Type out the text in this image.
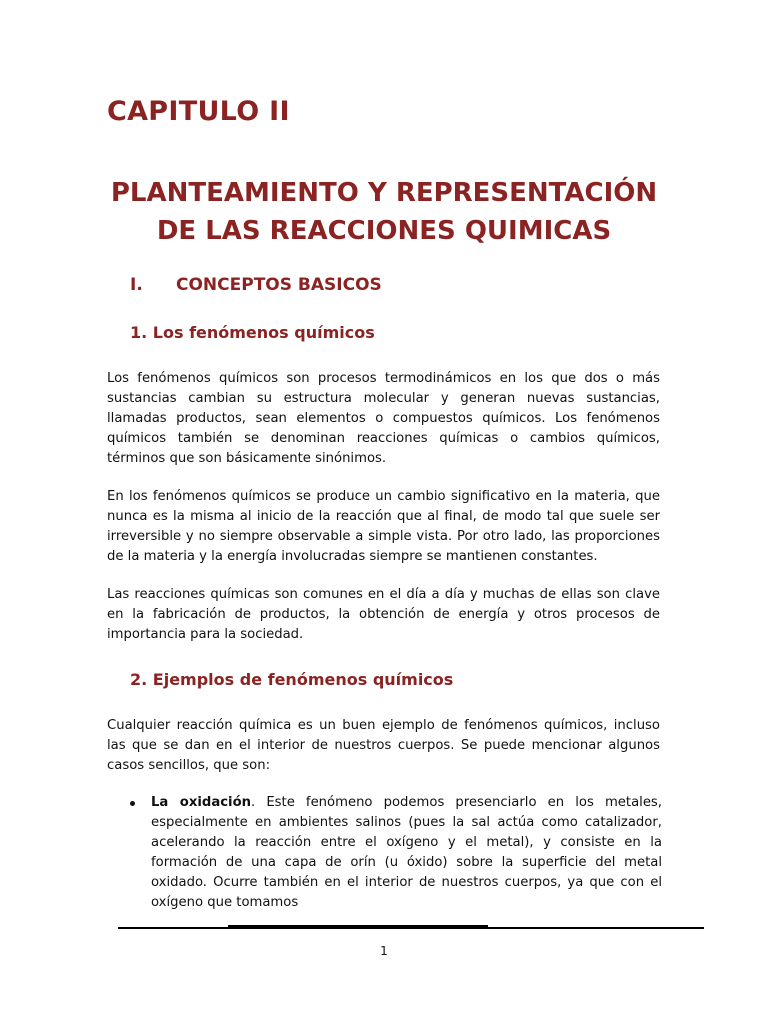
CAPITULO II
PLANTEAMIENTO Y REPRESENTACIÓN
DE LAS REACCIONES QUIMICAS
I. CONCEPTOS BASICOS
1. Los fenómenos químicos

Los fenómenos químicos son procesos termodinámicos en los que dos o más sustancias cambian su estructura molecular y generan nuevas sustancias, llamadas productos, sean elementos o compuestos químicos. Los fenómenos químicos también se denominan reacciones químicas o cambios químicos, términos que son básicamente sinónimos.

En los fenómenos químicos se produce un cambio significativo en la materia, que nunca es la misma al inicio de la reacción que al final, de modo tal que suele ser irreversible y no siempre observable a simple vista. Por otro lado, las proporciones de la materia y la energía involucradas siempre se mantienen constantes.

Las reacciones químicas son comunes en el día a día y muchas de ellas son clave en la fabricación de productos, la obtención de energía y otros procesos de importancia para la sociedad.

2. Ejemplos de fenómenos químicos

Cualquier reacción química es un buen ejemplo de fenómenos químicos, incluso las que se dan en el interior de nuestros cuerpos. Se puede mencionar algunos casos sencillos, que son:

La oxidación. Este fenómeno podemos presenciarlo en los metales, especialmente en ambientes salinos (pues la sal actúa como catalizador, acelerando la reacción entre el oxígeno y el metal), y consiste en la formación de una capa de orín (u óxido) sobre la superficie del metal oxidado. Ocurre también en el interior de nuestros cuerpos, ya que con el oxígeno que tomamos

1
